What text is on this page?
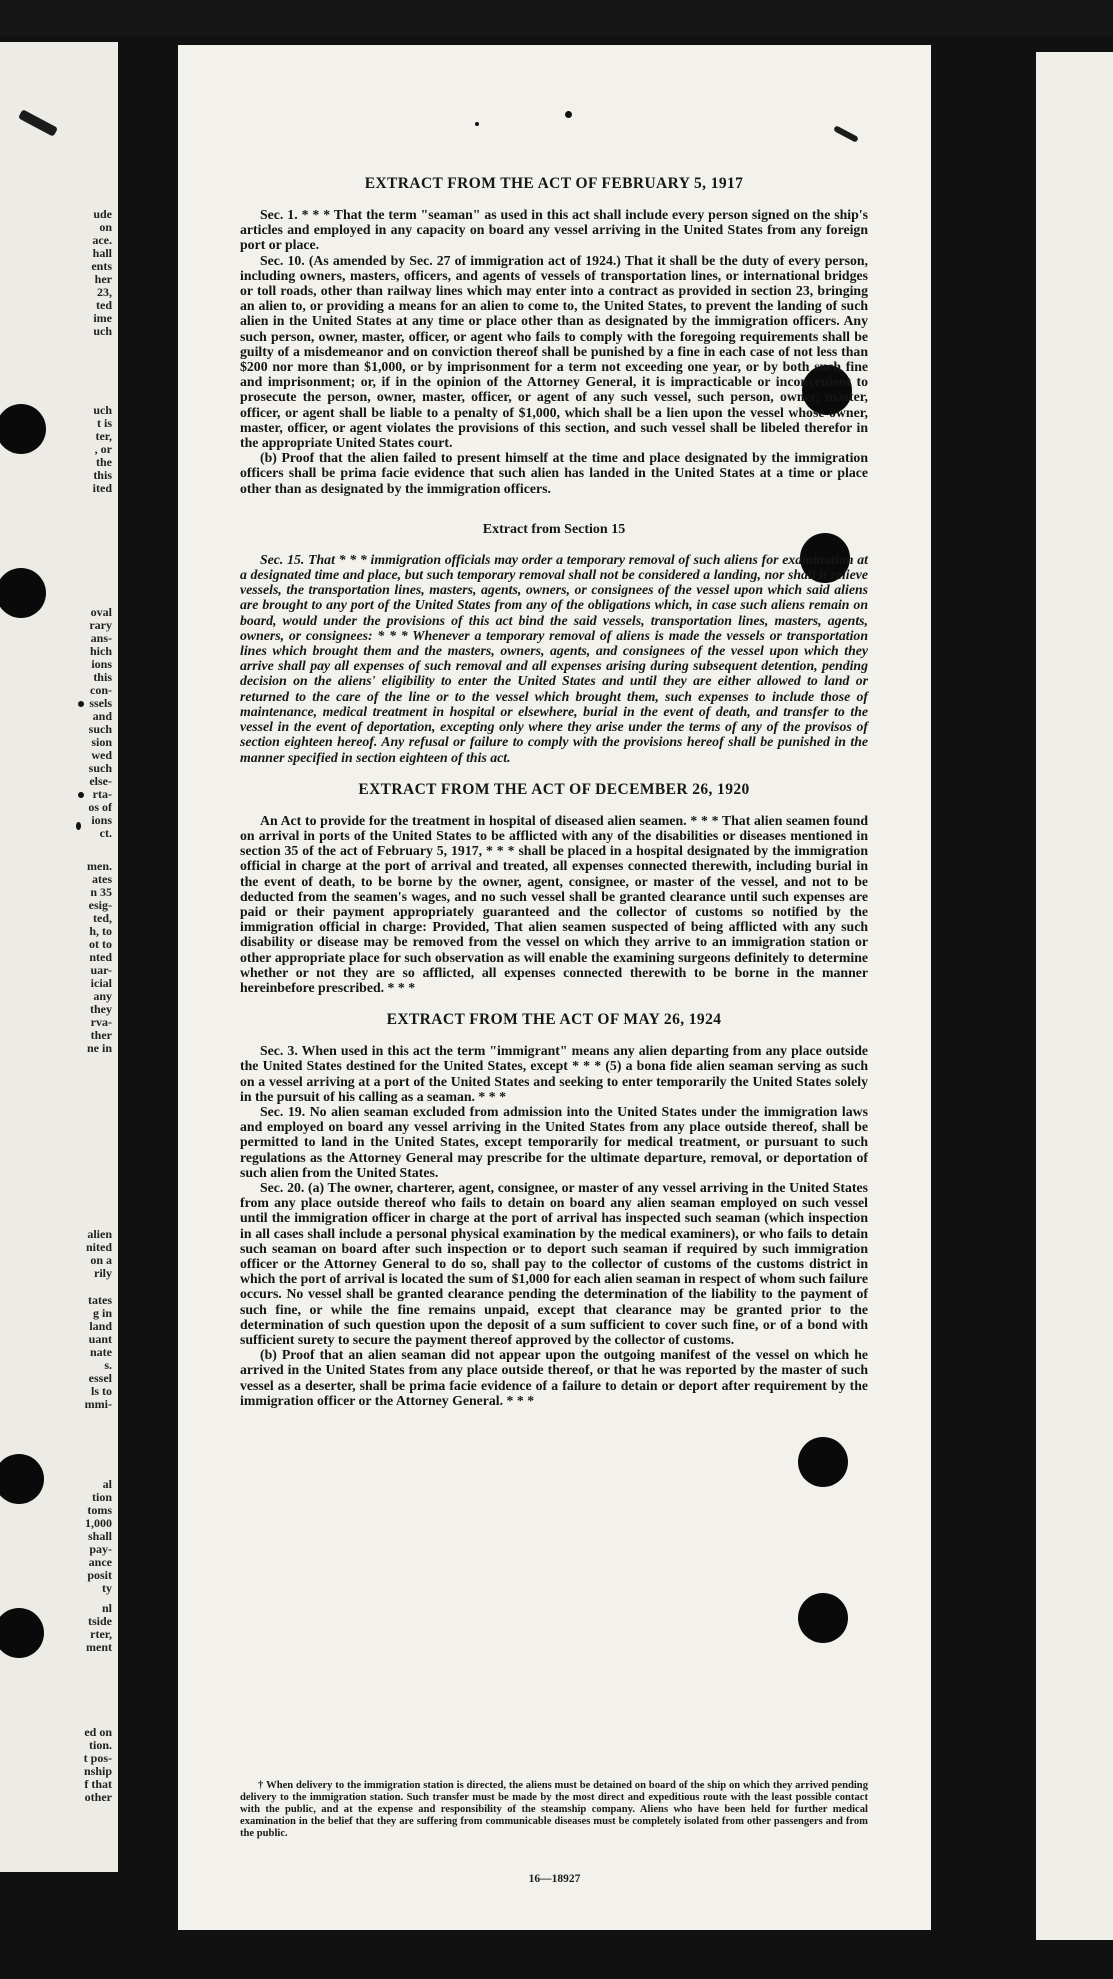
ude
on
ace.
hall
ents
her
23,
ted
ime
uch
uch
t is
ter,
, or
the
this
ited
oval
rary
ans-
hich
ions
this
con-
ssels
and
such
sion
wed
such
else-
rta-
os of
ions
ct.
men.
ates
n 35
esig-
ted,
h, to
ot to
nted
uar-
icial
any
they
rva-
ther
ne in
alien
nited
on a
rily
tates
g in
land
uant
nate
s.
essel
ls to
mmi-
al
tion
toms
1,000
shall
pay-
ance
posit
ty
nl
tside
rter,
ment
ed on
tion.
t pos-
nship
f that
other
EXTRACT FROM THE ACT OF FEBRUARY 5, 1917

Sec. 1. * * * That the term "seaman" as used in this act shall include every person signed on the ship's articles and employed in any capacity on board any vessel arriving in the United States from any foreign port or place.

Sec. 10. (As amended by Sec. 27 of immigration act of 1924.) That it shall be the duty of every person, including owners, masters, officers, and agents of vessels of transportation lines, or international bridges or toll roads, other than railway lines which may enter into a contract as provided in section 23, bringing an alien to, or providing a means for an alien to come to, the United States, to prevent the landing of such alien in the United States at any time or place other than as designated by the immigration officers. Any such person, owner, master, officer, or agent who fails to comply with the foregoing requirements shall be guilty of a misdemeanor and on conviction thereof shall be punished by a fine in each case of not less than $200 nor more than $1,000, or by imprisonment for a term not exceeding one year, or by both such fine and imprisonment; or, if in the opinion of the Attorney General, it is impracticable or inconvenient to prosecute the person, owner, master, officer, or agent of any such vessel, such person, owner, master, officer, or agent shall be liable to a penalty of $1,000, which shall be a lien upon the vessel whose owner, master, officer, or agent violates the provisions of this section, and such vessel shall be libeled therefor in the appropriate United States court.

(b) Proof that the alien failed to present himself at the time and place designated by the immigration officers shall be prima facie evidence that such alien has landed in the United States at a time or place other than as designated by the immigration officers.

Extract from Section 15

Sec. 15. That * * * immigration officials may order a temporary removal of such aliens for examination at a designated time and place, but such temporary removal shall not be considered a landing, nor shall it relieve vessels, the transportation lines, masters, agents, owners, or consignees of the vessel upon which said aliens are brought to any port of the United States from any of the obligations which, in case such aliens remain on board, would under the provisions of this act bind the said vessels, transportation lines, masters, agents, owners, or consignees: * * * Whenever a temporary removal of aliens is made the vessels or transportation lines which brought them and the masters, owners, agents, and consignees of the vessel upon which they arrive shall pay all expenses of such removal and all expenses arising during subsequent detention, pending decision on the aliens' eligibility to enter the United States and until they are either allowed to land or returned to the care of the line or to the vessel which brought them, such expenses to include those of maintenance, medical treatment in hospital or elsewhere, burial in the event of death, and transfer to the vessel in the event of deportation, excepting only where they arise under the terms of any of the provisos of section eighteen hereof. Any refusal or failure to comply with the provisions hereof shall be punished in the manner specified in section eighteen of this act.

EXTRACT FROM THE ACT OF DECEMBER 26, 1920

An Act to provide for the treatment in hospital of diseased alien seamen. * * * That alien seamen found on arrival in ports of the United States to be afflicted with any of the disabilities or diseases mentioned in section 35 of the act of February 5, 1917, * * * shall be placed in a hospital designated by the immigration official in charge at the port of arrival and treated, all expenses connected therewith, including burial in the event of death, to be borne by the owner, agent, consignee, or master of the vessel, and not to be deducted from the seamen's wages, and no such vessel shall be granted clearance until such expenses are paid or their payment appropriately guaranteed and the collector of customs so notified by the immigration official in charge: Provided, That alien seamen suspected of being afflicted with any such disability or disease may be removed from the vessel on which they arrive to an immigration station or other appropriate place for such observation as will enable the examining surgeons definitely to determine whether or not they are so afflicted, all expenses connected therewith to be borne in the manner hereinbefore prescribed. * * *

EXTRACT FROM THE ACT OF MAY 26, 1924

Sec. 3. When used in this act the term "immigrant" means any alien departing from any place outside the United States destined for the United States, except * * * (5) a bona fide alien seaman serving as such on a vessel arriving at a port of the United States and seeking to enter temporarily the United States solely in the pursuit of his calling as a seaman. * * *

Sec. 19. No alien seaman excluded from admission into the United States under the immigration laws and employed on board any vessel arriving in the United States from any place outside thereof, shall be permitted to land in the United States, except temporarily for medical treatment, or pursuant to such regulations as the Attorney General may prescribe for the ultimate departure, removal, or deportation of such alien from the United States.

Sec. 20. (a) The owner, charterer, agent, consignee, or master of any vessel arriving in the United States from any place outside thereof who fails to detain on board any alien seaman employed on such vessel until the immigration officer in charge at the port of arrival has inspected such seaman (which inspection in all cases shall include a personal physical examination by the medical examiners), or who fails to detain such seaman on board after such inspection or to deport such seaman if required by such immigration officer or the Attorney General to do so, shall pay to the collector of customs of the customs district in which the port of arrival is located the sum of $1,000 for each alien seaman in respect of whom such failure occurs. No vessel shall be granted clearance pending the determination of the liability to the payment of such fine, or while the fine remains unpaid, except that clearance may be granted prior to the determination of such question upon the deposit of a sum sufficient to cover such fine, or of a bond with sufficient surety to secure the payment thereof approved by the collector of customs.

(b) Proof that an alien seaman did not appear upon the outgoing manifest of the vessel on which he arrived in the United States from any place outside thereof, or that he was reported by the master of such vessel as a deserter, shall be prima facie evidence of a failure to detain or deport after requirement by the immigration officer or the Attorney General. * * *

† When delivery to the immigration station is directed, the aliens must be detained on board of the ship on which they arrived pending delivery to the immigration station. Such transfer must be made by the most direct and expeditious route with the least possible contact with the public, and at the expense and responsibility of the steamship company. Aliens who have been held for further medical examination in the belief that they are suffering from communicable diseases must be completely isolated from other passengers and from the public.
16—18927
